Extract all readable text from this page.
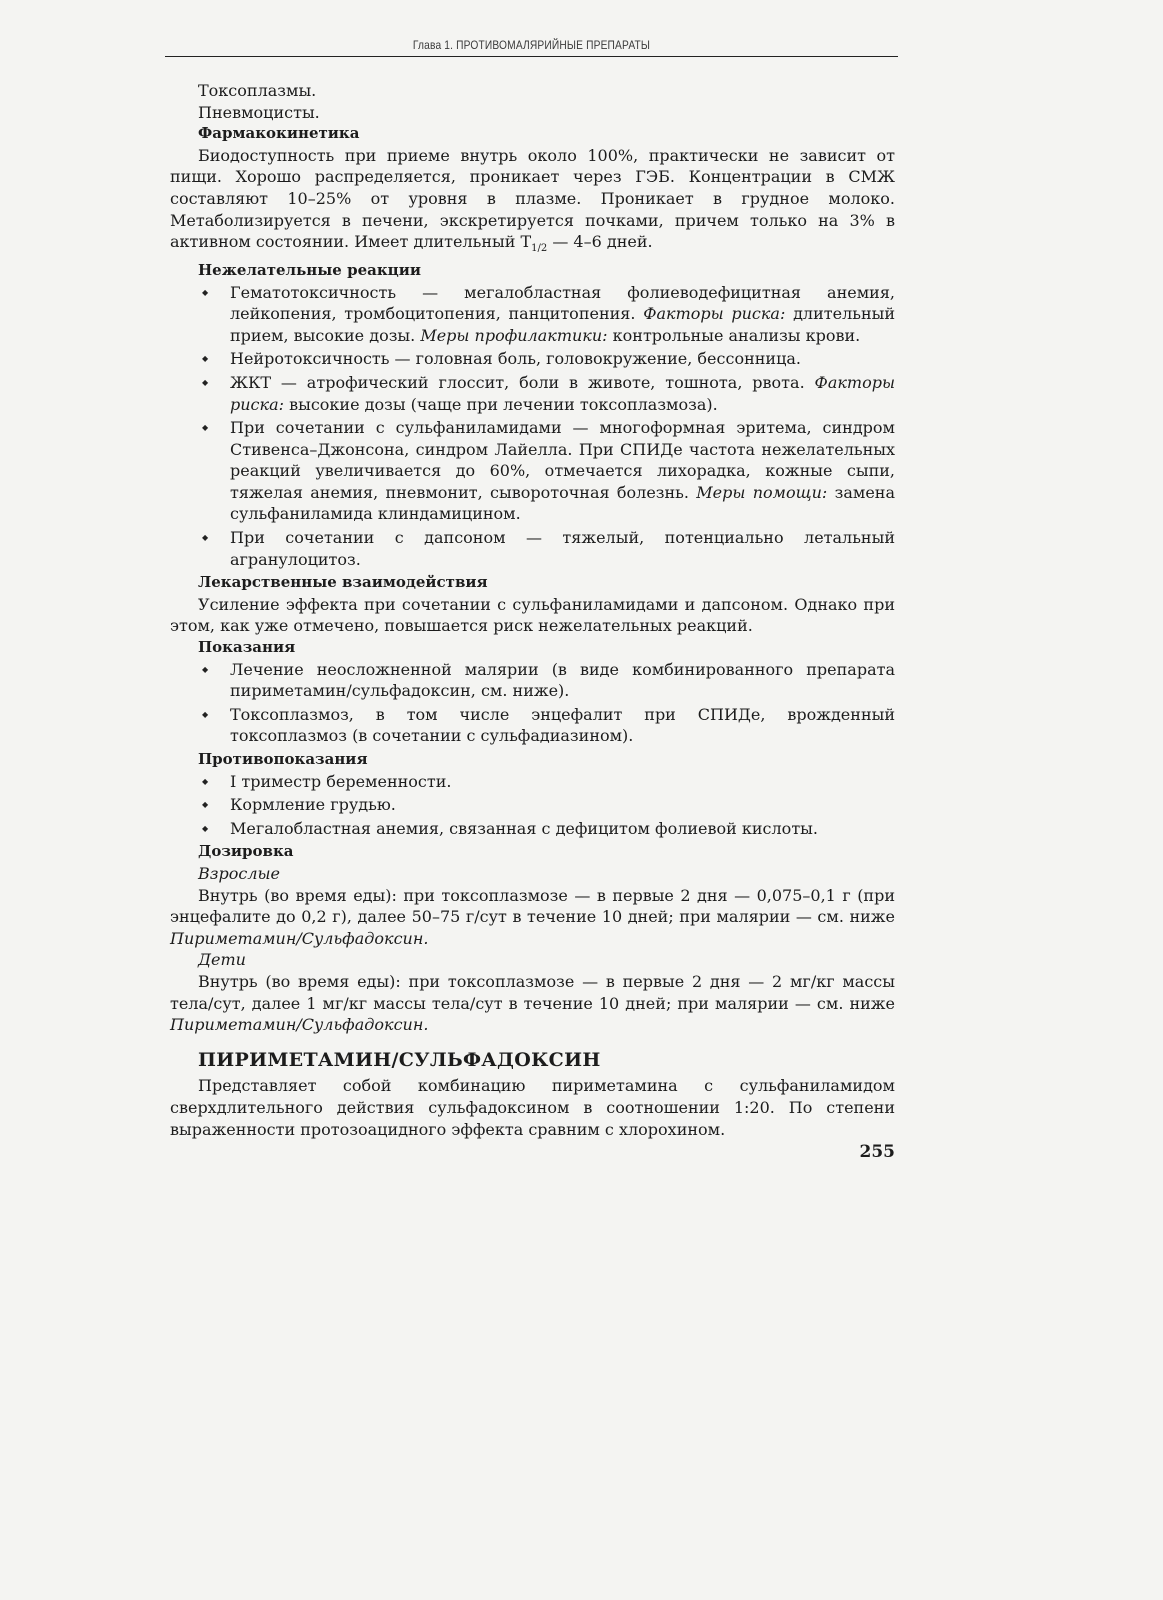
Глава 1. ПРОТИВОМАЛЯРИЙНЫЕ ПРЕПАРАТЫ

Токсоплазмы.

Пневмоцисты.

Фармакокинетика

Биодоступность при приеме внутрь около 100%, практически не зависит от пищи. Хорошо распределяется, проникает через ГЭБ. Концентрации в СМЖ составляют 10–25% от уровня в плазме. Проникает в грудное молоко. Метаболизируется в печени, экскретируется почками, причем только на 3% в активном состоянии. Имеет длительный $T_{1/2}$ — 4–6 дней.

Нежелательные реакции

◆ Гематотоксичность — мегалобластная фолиеводефицитная анемия, лейкопения, тромбоцитопения, панцитопения. Факторы риска: длительный прием, высокие дозы. Меры профилактики: контрольные анализы крови.
◆ Нейротоксичность — головная боль, головокружение, бессонница.
◆ ЖКТ — атрофический глоссит, боли в животе, тошнота, рвота. Факторы риска: высокие дозы (чаще при лечении токсоплазмоза).
◆ При сочетании с сульфаниламидами — многоформная эритема, синдром Стивенса–Джонсона, синдром Лайелла. При СПИДе частота нежелательных реакций увеличивается до 60%, отмечается лихорадка, кожные сыпи, тяжелая анемия, пневмонит, сывороточная болезнь. Меры помощи: замена сульфаниламида клиндамицином.
◆ При сочетании с дапсоном — тяжелый, потенциально летальный агранулоцитоз.

Лекарственные взаимодействия

Усиление эффекта при сочетании с сульфаниламидами и дапсоном. Однако при этом, как уже отмечено, повышается риск нежелательных реакций.

Показания

◆ Лечение неосложненной малярии (в виде комбинированного препарата пириметамин/сульфадоксин, см. ниже).
◆ Токсоплазмоз, в том числе энцефалит при СПИДе, врожденный токсоплазмоз (в сочетании с сульфадиазином).

Противопоказания

◆ I триместр беременности.
◆ Кормление грудью.
◆ Мегалобластная анемия, связанная с дефицитом фолиевой кислоты.

Дозировка

Взрослые

Внутрь (во время еды): при токсоплазмозе — в первые 2 дня — 0,075–0,1 г (при энцефалите до 0,2 г), далее 50–75 г/сут в течение 10 дней; при малярии — см. ниже Пириметамин/Сульфадоксин.

Дети

Внутрь (во время еды): при токсоплазмозе — в первые 2 дня — 2 мг/кг массы тела/сут, далее 1 мг/кг массы тела/сут в течение 10 дней; при малярии — см. ниже Пириметамин/Сульфадоксин.

ПИРИМЕТАМИН/СУЛЬФАДОКСИН

Представляет собой комбинацию пириметамина с сульфаниламидом сверхдлительного действия сульфадоксином в соотношении 1:20. По степени выраженности протозоацидного эффекта сравним с хлорохином.

255
